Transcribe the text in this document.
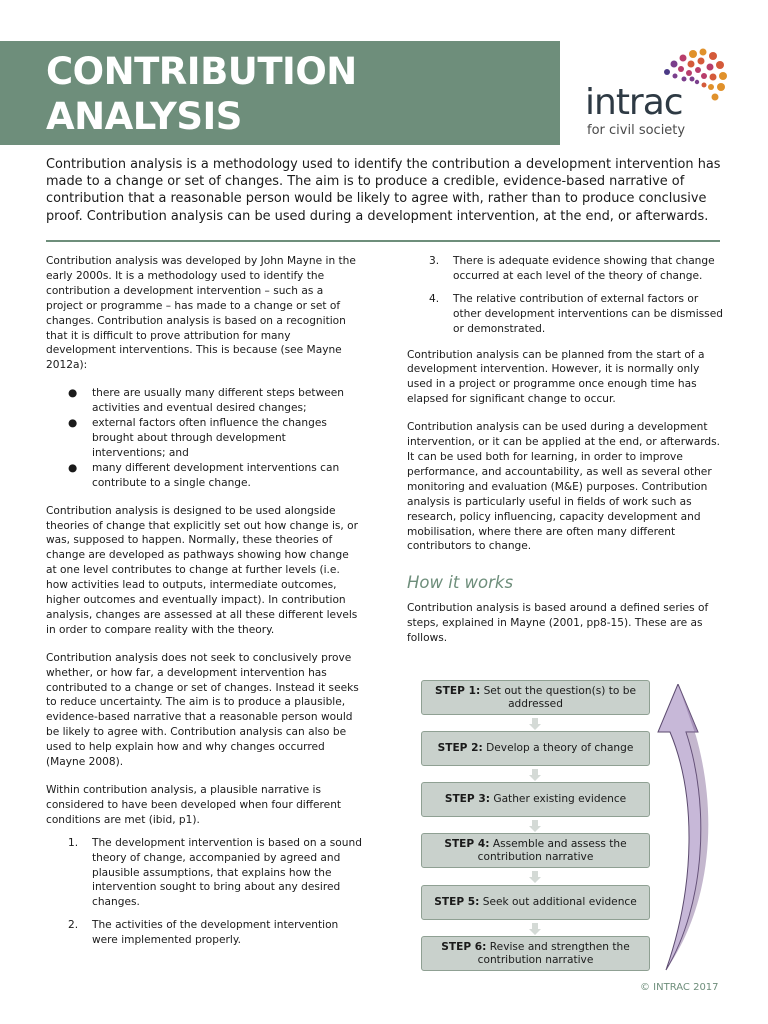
CONTRIBUTION
ANALYSIS	intrac
for civil society

Contribution analysis is a methodology used to identify the contribution a development intervention has made to a change or set of changes. The aim is to produce a credible, evidence-based narrative of contribution that a reasonable person would be likely to agree with, rather than to produce conclusive proof. Contribution analysis can be used during a development intervention, at the end, or afterwards.

Contribution analysis was developed by John Mayne in the early 2000s. It is a methodology used to identify the contribution a development intervention – such as a project or programme – has made to a change or set of changes. Contribution analysis is based on a recognition that it is difficult to prove attribution for many development interventions. This is because (see Mayne 2012a):

● there are usually many different steps between activities and eventual desired changes;
● external factors often influence the changes brought about through development interventions; and
● many different development interventions can contribute to a single change.

Contribution analysis is designed to be used alongside theories of change that explicitly set out how change is, or was, supposed to happen. Normally, these theories of change are developed as pathways showing how change at one level contributes to change at further levels (i.e. how activities lead to outputs, intermediate outcomes, higher outcomes and eventually impact). In contribution analysis, changes are assessed at all these different levels in order to compare reality with the theory.

Contribution analysis does not seek to conclusively prove whether, or how far, a development intervention has contributed to a change or set of changes. Instead it seeks to reduce uncertainty. The aim is to produce a plausible, evidence-based narrative that a reasonable person would be likely to agree with. Contribution analysis can also be used to help explain how and why changes occurred (Mayne 2008).

Within contribution analysis, a plausible narrative is considered to have been developed when four different conditions are met (ibid, p1).

1. The development intervention is based on a sound theory of change, accompanied by agreed and plausible assumptions, that explains how the intervention sought to bring about any desired changes.
2. The activities of the development intervention were implemented properly.
3. There is adequate evidence showing that change occurred at each level of the theory of change.
4. The relative contribution of external factors or other development interventions can be dismissed or demonstrated.

Contribution analysis can be planned from the start of a development intervention. However, it is normally only used in a project or programme once enough time has elapsed for significant change to occur.

Contribution analysis can be used during a development intervention, or it can be applied at the end, or afterwards. It can be used both for learning, in order to improve performance, and accountability, as well as several other monitoring and evaluation (M&E) purposes. Contribution analysis is particularly useful in fields of work such as research, policy influencing, capacity development and mobilisation, where there are often many different contributors to change.

How it works

Contribution analysis is based around a defined series of steps, explained in Mayne (2001, pp8-15). These are as follows.

STEP 1: Set out the question(s) to be addressed
STEP 2: Develop a theory of change
STEP 3: Gather existing evidence
STEP 4: Assemble and assess the contribution narrative
STEP 5: Seek out additional evidence
STEP 6: Revise and strengthen the contribution narrative
© INTRAC 2017
